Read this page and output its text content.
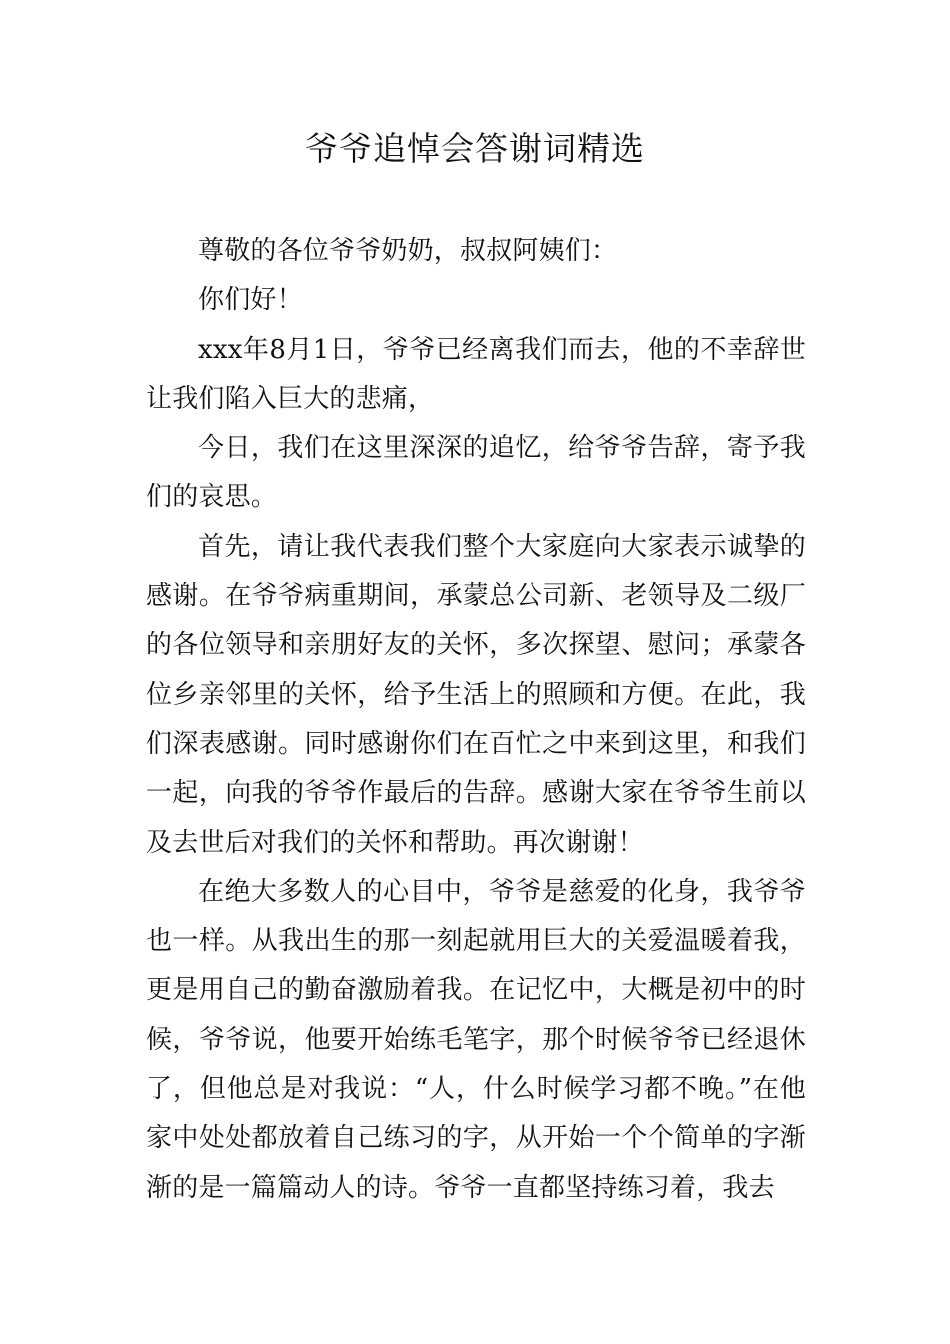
爷爷追悼会答谢词精选

尊敬的各位爷爷奶奶，叔叔阿姨们：

你们好！

xxx年8月1日，爷爷已经离我们而去，他的不幸辞世让我们陷入巨大的悲痛，

今日，我们在这里深深的追忆，给爷爷告辞，寄予我们的哀思。

首先，请让我代表我们整个大家庭向大家表示诚挚的感谢。在爷爷病重期间，承蒙总公司新、老领导及二级厂的各位领导和亲朋好友的关怀，多次探望、慰问；承蒙各位乡亲邻里的关怀，给予生活上的照顾和方便。在此，我们深表感谢。同时感谢你们在百忙之中来到这里，和我们一起，向我的爷爷作最后的告辞。感谢大家在爷爷生前以及去世后对我们的关怀和帮助。再次谢谢！

在绝大多数人的心目中，爷爷是慈爱的化身，我爷爷也一样。从我出生的那一刻起就用巨大的关爱温暖着我，更是用自己的勤奋激励着我。在记忆中，大概是初中的时候，爷爷说，他要开始练毛笔字，那个时候爷爷已经退休了，但他总是对我说：“人，什么时候学习都不晚。”在他家中处处都放着自己练习的字，从开始一个个简单的字渐渐的是一篇篇动人的诗。爷爷一直都坚持练习着，我去
